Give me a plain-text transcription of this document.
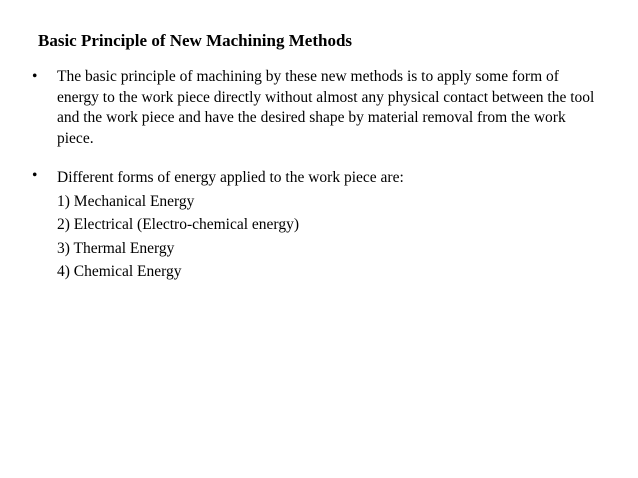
Basic Principle of New Machining Methods
•	The basic principle of machining by these new methods is to apply some form of energy to the work piece directly without almost any physical contact between the tool and the work piece and have the desired shape by material removal from the work piece.
•	Different forms of energy applied to the work piece are:
1) Mechanical Energy
2) Electrical (Electro-chemical energy)
3) Thermal Energy
4) Chemical Energy
